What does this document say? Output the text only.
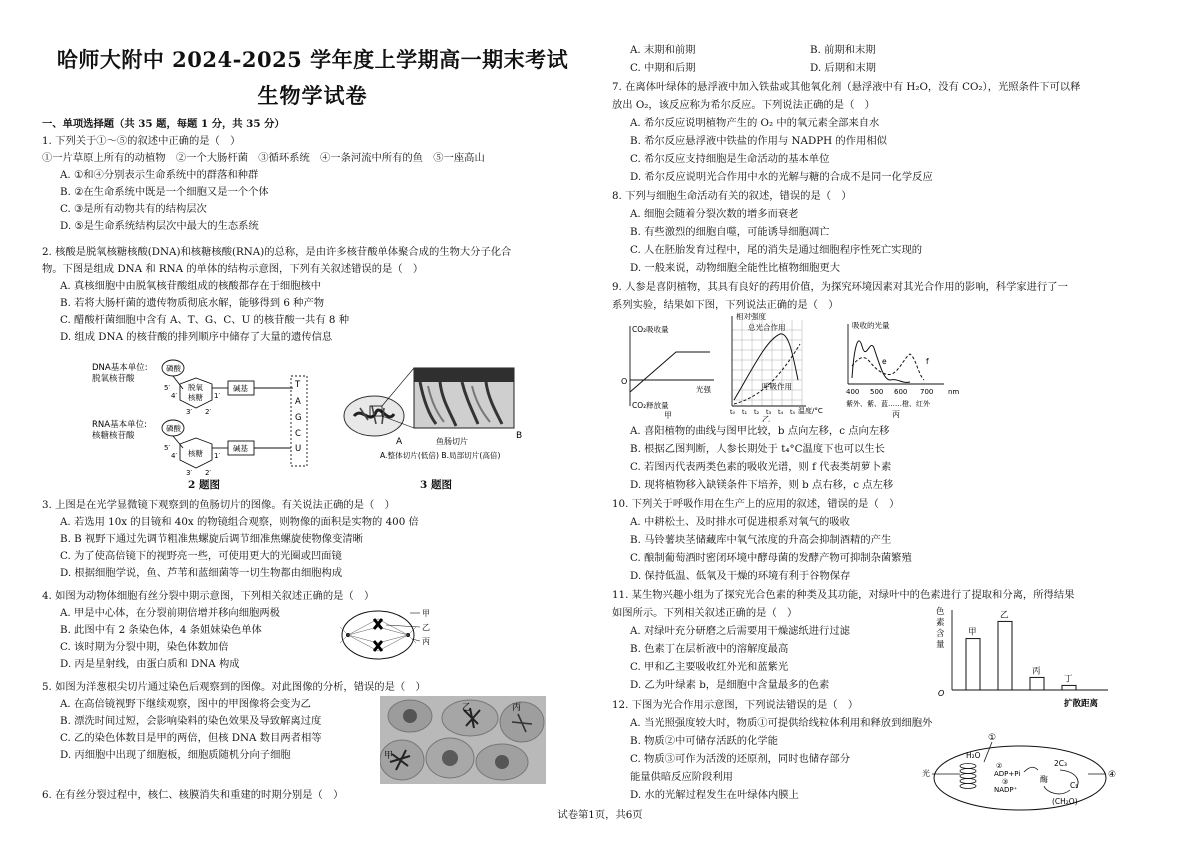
哈师大附中 2024-2025 学年度上学期高一期末考试
生物学试卷
一、单项选择题（共 35 题，每题 1 分，共 35 分）
1. 下列关于①～⑤的叙述中正确的是（　）
①一片草原上所有的动植物　②一个大肠杆菌　③循环系统　④一条河流中所有的鱼　⑤一座高山
A. ①和④分别表示生命系统中的群落和种群
B. ②在生命系统中既是一个细胞又是一个个体
C. ③是所有动物共有的结构层次
D. ⑤是生命系统结构层次中最大的生态系统
2. 核酸是脱氧核糖核酸(DNA)和核糖核酸(RNA)的总称，是由许多核苷酸单体聚合成的生物大分子化合
物。下图是组成 DNA 和 RNA 的单体的结构示意图，下列有关叙述错误的是（　）
A. 真核细胞中由脱氧核苷酸组成的核酸都存在于细胞核中
B. 若将大肠杆菌的遗传物质彻底水解，能够得到 6 种产物
C. 醋酸杆菌细胞中含有 A、T、G、C、U 的核苷酸一共有 8 种
D. 组成 DNA 的核苷酸的排列顺序中储存了大量的遗传信息
DNA基本单位:
脱氧核苷酸
磷酸
脱氧
核糖
5′
4′	1′
3′ 2′
碱基	T
A
G
C
U
RNA基本单位:
核糖核苷酸
磷酸
核糖
5′
4′	1′
3′ 2′
碱基
2 题图
A
B
鱼肠切片
A.整体切片(低倍) B.局部切片(高倍)
3 题图
3. 上图是在光学显微镜下观察到的鱼肠切片的图像。有关说法正确的是（　）
A. 若选用 10x 的目镜和 40x 的物镜组合观察，则物像的面积是实物的 400 倍
B. B 视野下通过先调节粗准焦螺旋后调节细准焦螺旋使物像变清晰
C. 为了使高倍镜下的视野亮一些，可使用更大的光圈或凹面镜
D. 根据细胞学说，鱼、芦苇和蓝细菌等一切生物都由细胞构成
4. 如图为动物体细胞有丝分裂中期示意图，下列相关叙述正确的是（　）
A. 甲是中心体，在分裂前期倍增并移向细胞两极
B. 此图中有 2 条染色体，4 条姐妹染色单体
C. 该时期为分裂中期，染色体数加倍
D. 丙是星射线，由蛋白质和 DNA 构成
甲
乙
丙
5. 如图为洋葱根尖切片通过染色后观察到的图像。对此图像的分析，错误的是（　）
A. 在高倍镜视野下继续观察，图中的甲图像将会变为乙
B. 漂洗时间过短，会影响染料的染色效果及导致解离过度
C. 乙的染色体数目是甲的两倍，但核 DNA 数目两者相等
D. 丙细胞中出现了细胞板，细胞质随机分向子细胞	甲
乙	丙
6. 在有丝分裂过程中，核仁、核膜消失和重建的时期分别是（　）
A. 末期和前期	B. 前期和末期
C. 中期和后期	D. 后期和末期
7. 在离体叶绿体的悬浮液中加入铁盐或其他氧化剂（悬浮液中有 H₂O，没有 CO₂），光照条件下可以释
放出 O₂，该反应称为希尔反应。下列说法正确的是（　）
A. 希尔反应说明植物产生的 O₂ 中的氧元素全部来自水
B. 希尔反应悬浮液中铁盐的作用与 NADPH 的作用相似
C. 希尔反应支持细胞是生命活动的基本单位
D. 希尔反应说明光合作用中水的光解与糖的合成不是同一化学反应
8. 下列与细胞生命活动有关的叙述，错误的是（　）
A. 细胞会随着分裂次数的增多而衰老
B. 有些激烈的细胞自噬，可能诱导细胞凋亡
C. 人在胚胎发育过程中，尾的消失是通过细胞程序性死亡实现的
D. 一般来说，动物细胞全能性比植物细胞更大
9. 人参是喜阴植物，其具有良好的药用价值，为探究环境因素对其光合作用的影响，科学家进行了一
系列实验，结果如下图，下列说法正确的是（　）
CO₂吸收量
CO₂释放量
光强
O
甲
相对强度
总光合作用
呼吸作用
温度/°C
t₀ t₁ t₂ t₃ t₄ t₅
乙
吸收的光量
e	f
400 500 600 700 nm
紫外、紫、蓝……橙、红外
丙
A. 喜阳植物的曲线与图甲比较，b 点向左移，c 点向左移
B. 根据乙图判断，人参长期处于 t₄°C温度下也可以生长
C. 若图丙代表两类色素的吸收光谱，则 f 代表类胡萝卜素
D. 现将植物移入缺镁条件下培养，则 b 点右移，c 点左移
10. 下列关于呼吸作用在生产上的应用的叙述，错误的是（　）
A. 中耕松土、及时排水可促进根系对氧气的吸收
B. 马铃薯块茎储藏库中氧气浓度的升高会抑制酒精的产生
C. 酿制葡萄酒时密闭环境中酵母菌的发酵产物可抑制杂菌繁殖
D. 保持低温、低氧及干燥的环境有利于谷物保存
11. 某生物兴趣小组为了探究光合色素的种类及其功能，对绿叶中的色素进行了提取和分离，所得结果
如图所示。下列相关叙述正确的是（　）
A. 对绿叶充分研磨之后需要用干燥滤纸进行过滤
B. 色素丁在层析液中的溶解度最高
C. 甲和乙主要吸收红外光和蓝紫光
D. 乙为叶绿素 b，是细胞中含量最多的色素
色
素
含
量
O
扩散距离
甲
乙
丙
丁
12. 下图为光合作用示意图，下列说法错误的是（　）
A. 当光照强度较大时，物质①可提供给线粒体利用和释放到细胞外
B. 物质②中可储存活跃的化学能
C. 物质③可作为活泼的还原剂，同时也储存部分
能量供暗反应阶段利用
D. 水的光解过程发生在叶绿体内膜上
光
H₂O
①
②
ADP+Pi
③
NADP⁺
酶
2C₃
C₅
(CH₂O)
④
试卷第1页，共6页
